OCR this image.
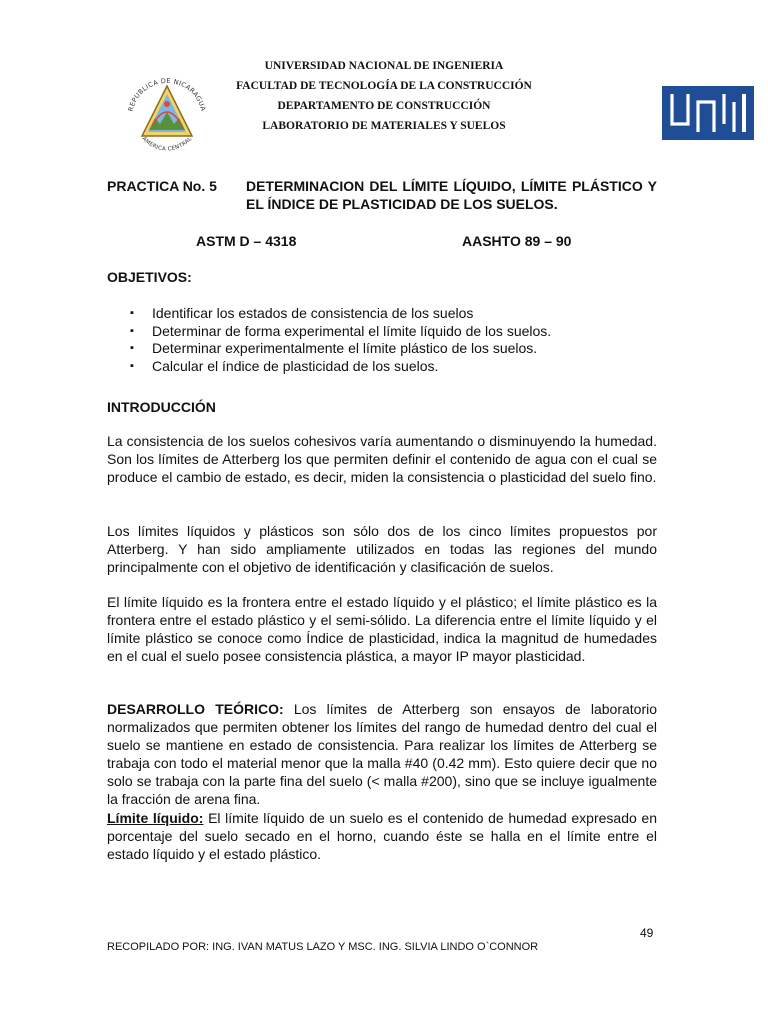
REPUBLICA DE NICARAGUA
AMERICA CENTRAL
UNIVERSIDAD NACIONAL DE INGENIERIA
FACULTAD DE TECNOLOGÍA DE LA CONSTRUCCIÓN
DEPARTAMENTO DE CONSTRUCCIÓN
LABORATORIO DE MATERIALES Y SUELOS
PRACTICA No. 5 DETERMINACION DEL LÍMITE LÍQUIDO, LÍMITE PLÁSTICO Y EL ÍNDICE DE PLASTICIDAD DE LOS SUELOS.
ASTM D – 4318	AASHTO 89 – 90
OBJETIVOS:
▪ Identificar los estados de consistencia de los suelos
▪ Determinar de forma experimental el límite líquido de los suelos.
▪ Determinar experimentalmente el límite plástico de los suelos.
▪ Calcular el índice de plasticidad de los suelos.
INTRODUCCIÓN

La consistencia de los suelos cohesivos varía aumentando o disminuyendo la humedad. Son los límites de Atterberg los que permiten definir el contenido de agua con el cual se produce el cambio de estado, es decir, miden la consistencia o plasticidad del suelo fino.

Los límites líquidos y plásticos son sólo dos de los cinco límites propuestos por Atterberg. Y han sido ampliamente utilizados en todas las regiones del mundo principalmente con el objetivo de identificación y clasificación de suelos.

El límite líquido es la frontera entre el estado líquido y el plástico; el límite plástico es la frontera entre el estado plástico y el semi-sólido. La diferencia entre el límite líquido y el límite plástico se conoce como Índice de plasticidad, indica la magnitud de humedades en el cual el suelo posee consistencia plástica, a mayor IP mayor plasticidad.

DESARROLLO TEÓRICO: Los límites de Atterberg son ensayos de laboratorio normalizados que permiten obtener los límites del rango de humedad dentro del cual el suelo se mantiene en estado de consistencia. Para realizar los límites de Atterberg se trabaja con todo el material menor que la malla #40 (0.42 mm). Esto quiere decir que no solo se trabaja con la parte fina del suelo (< malla #200), sino que se incluye igualmente la fracción de arena fina.

Límite líquido: El límite líquido de un suelo es el contenido de humedad expresado en porcentaje del suelo secado en el horno, cuando éste se halla en el límite entre el estado líquido y el estado plástico.

49
RECOPILADO POR: ING. IVAN MATUS LAZO Y MSC. ING. SILVIA LINDO O`CONNOR
